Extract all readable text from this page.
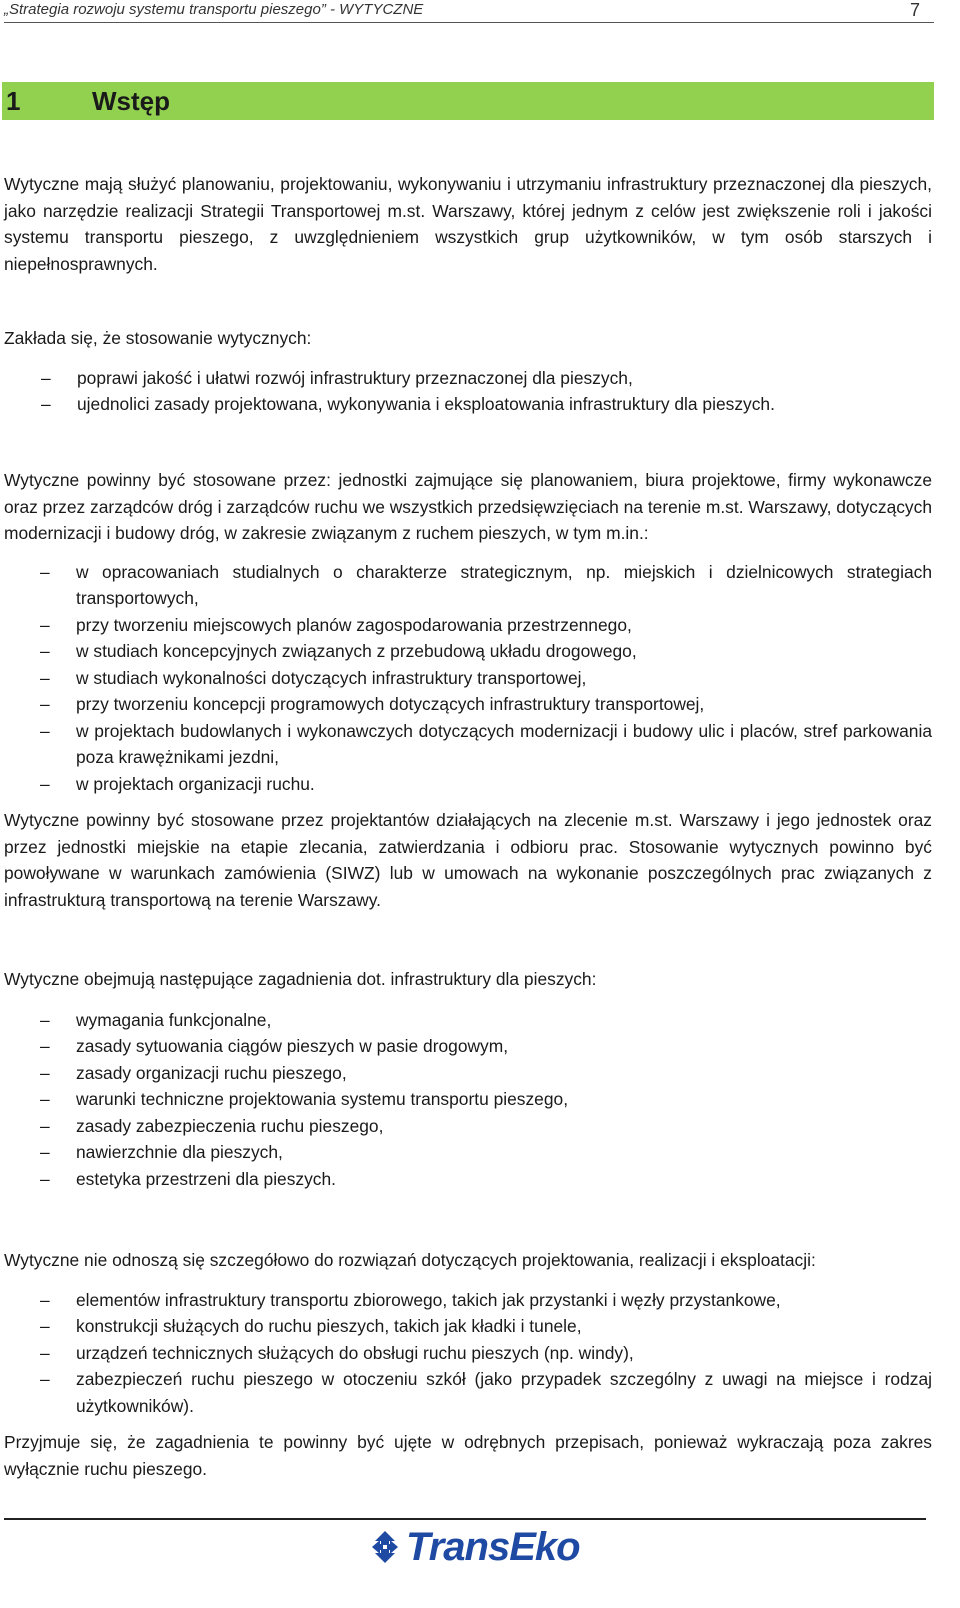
„Strategia rozwoju systemu transportu pieszego” - WYTYCZNE	7
1	Wstęp

Wytyczne mają służyć planowaniu, projektowaniu, wykonywaniu i utrzymaniu infrastruktury przeznaczonej dla pieszych, jako narzędzie realizacji Strategii Transportowej m.st. Warszawy, której jednym z celów jest zwiększenie roli i jakości systemu transportu pieszego, z uwzględnieniem wszystkich grup użytkowników, w tym osób starszych i niepełnosprawnych.

Zakłada się, że stosowanie wytycznych:

– poprawi jakość i ułatwi rozwój infrastruktury przeznaczonej dla pieszych,
– ujednolici zasady projektowana, wykonywania i eksploatowania infrastruktury dla pieszych.

Wytyczne powinny być stosowane przez: jednostki zajmujące się planowaniem, biura projektowe, firmy wykonawcze oraz przez zarządców dróg i zarządców ruchu we wszystkich przedsięwzięciach na terenie m.st. Warszawy, dotyczących modernizacji i budowy dróg, w zakresie związanym z ruchem pieszych, w tym m.in.:

– w opracowaniach studialnych o charakterze strategicznym, np. miejskich i dzielnicowych strategiach transportowych,
– przy tworzeniu miejscowych planów zagospodarowania przestrzennego,
– w studiach koncepcyjnych związanych z przebudową układu drogowego,
– w studiach wykonalności dotyczących infrastruktury transportowej,
– przy tworzeniu koncepcji programowych dotyczących infrastruktury transportowej,
– w projektach budowlanych i wykonawczych dotyczących modernizacji i budowy ulic i placów, stref parkowania poza krawężnikami jezdni,
– w projektach organizacji ruchu.

Wytyczne powinny być stosowane przez projektantów działających na zlecenie m.st. Warszawy i jego jednostek oraz przez jednostki miejskie na etapie zlecania, zatwierdzania i odbioru prac. Stosowanie wytycznych powinno być powoływane w warunkach zamówienia (SIWZ) lub w umowach na wykonanie poszczególnych prac związanych z infrastrukturą transportową na terenie Warszawy.

Wytyczne obejmują następujące zagadnienia dot. infrastruktury dla pieszych:

– wymagania funkcjonalne,
– zasady sytuowania ciągów pieszych w pasie drogowym,
– zasady organizacji ruchu pieszego,
– warunki techniczne projektowania systemu transportu pieszego,
– zasady zabezpieczenia ruchu pieszego,
– nawierzchnie dla pieszych,
– estetyka przestrzeni dla pieszych.

Wytyczne nie odnoszą się szczegółowo do rozwiązań dotyczących projektowania, realizacji i eksploatacji:

– elementów infrastruktury transportu zbiorowego, takich jak przystanki i węzły przystankowe,
– konstrukcji służących do ruchu pieszych, takich jak kładki i tunele,
– urządzeń technicznych służących do obsługi ruchu pieszych (np. windy),
– zabezpieczeń ruchu pieszego w otoczeniu szkół (jako przypadek szczególny z uwagi na miejsce i rodzaj użytkowników).

Przyjmuje się, że zagadnienia te powinny być ujęte w odrębnych przepisach, ponieważ wykraczają poza zakres wyłącznie ruchu pieszego.

TransEko
